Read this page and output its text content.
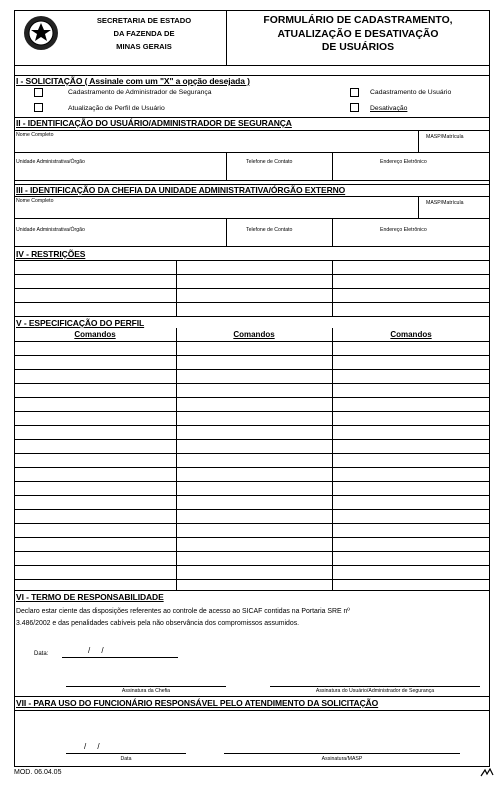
SECRETARIA DE ESTADO
DA FAZENDA DE
MINAS GERAIS
FORMULÁRIO DE CADASTRAMENTO,
ATUALIZAÇÃO E DESATIVAÇÃO
DE USUÁRIOS
I - SOLICITAÇÃO ( Assinale com um "X" a opção desejada )
Cadastramento de Administrador de Segurança
Atualização de Perfil de Usuário
Cadastramento de Usuário
Desativação
II - IDENTIFICAÇÃO DO USUÁRIO/ADMINISTRADOR DE SEGURANÇA
Nome Completo	MASP/Matrícula
Unidade Administrativa/Órgão	Telefone de Contato	Endereço Eletrônico
III - IDENTIFICAÇÃO DA CHEFIA DA UNIDADE ADMINISTRATIVA/ÓRGÃO EXTERNO
Nome Completo	MASP/Matrícula
Unidade Administrativa/Órgão	Telefone de Contato	Endereço Eletrônico
IV - RESTRIÇÕES
V - ESPECIFICAÇÃO DO PERFIL
Comandos	Comandos	Comandos
VI - TERMO DE RESPONSABILIDADE
Declaro estar ciente das disposições referentes ao controle de acesso ao SICAF contidas na Portaria SRE nº
3.486/2002 e das penalidades cabíveis pela não observância dos compromissos assumidos.
Data:	/     /
Assinatura da Chefia	Assinatura do Usuário/Administrador de Segurança
VII - PARA USO DO FUNCIONÁRIO RESPONSÁVEL PELO ATENDIMENTO DA SOLICITAÇÃO
/     /
Data	Assinatura/MASP
MOD. 06.04.05
